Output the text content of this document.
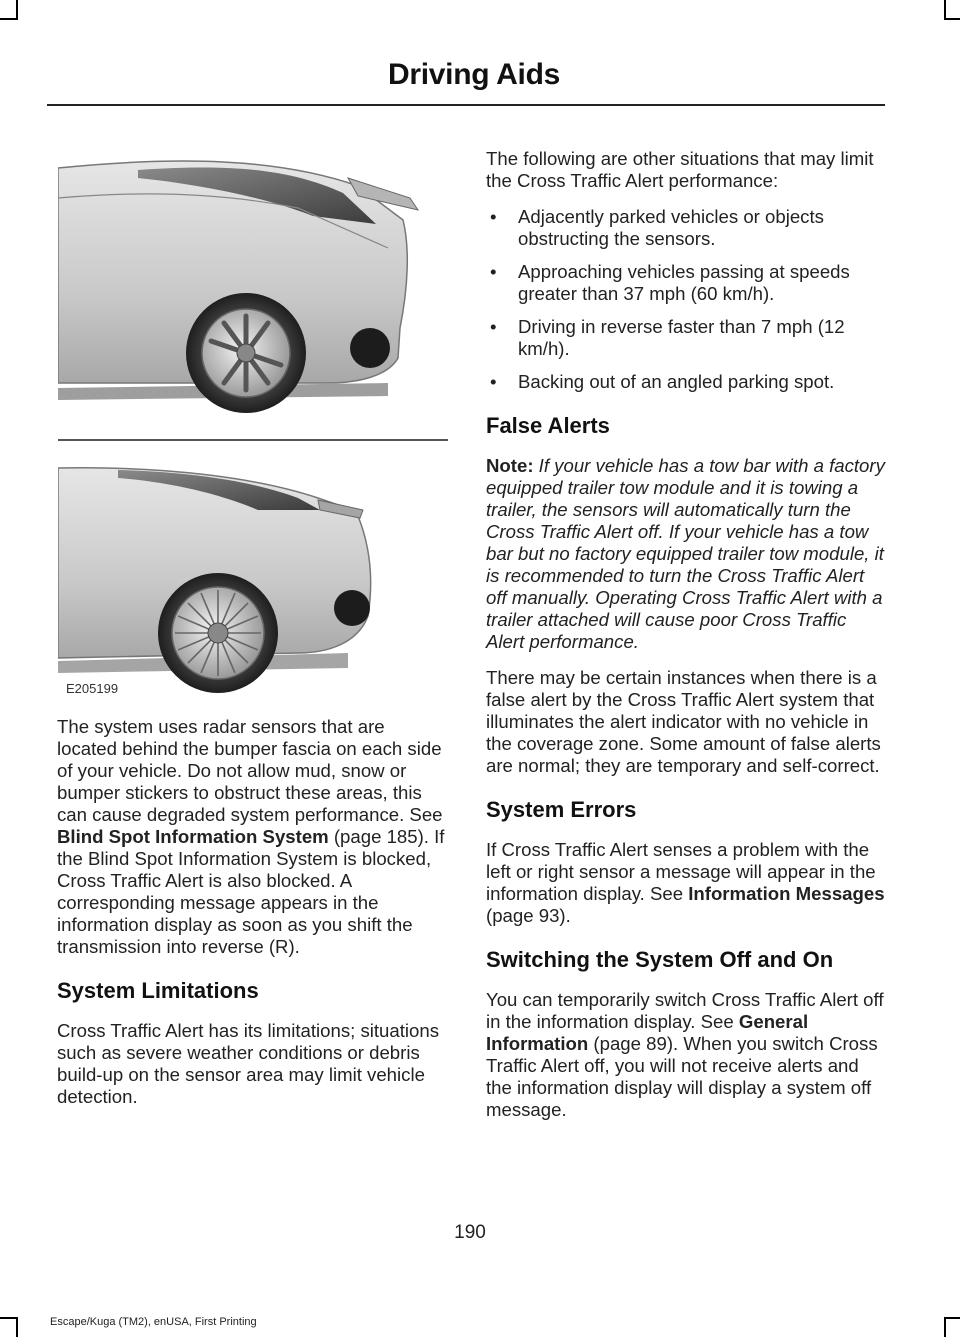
Driving Aids
E205199

The system uses radar sensors that are located behind the bumper fascia on each side of your vehicle. Do not allow mud, snow or bumper stickers to obstruct these areas, this can cause degraded system performance. See Blind Spot Information System (page 185). If the Blind Spot Information System is blocked, Cross Traffic Alert is also blocked. A corresponding message appears in the information display as soon as you shift the transmission into reverse (R).

System Limitations

Cross Traffic Alert has its limitations; situations such as severe weather conditions or debris build-up on the sensor area may limit vehicle detection.

The following are other situations that may limit the Cross Traffic Alert performance:

• Adjacently parked vehicles or objects obstructing the sensors.
• Approaching vehicles passing at speeds greater than 37 mph (60 km/h).
• Driving in reverse faster than 7 mph (12 km/h).
• Backing out of an angled parking spot.
False Alerts

Note: If your vehicle has a tow bar with a factory equipped trailer tow module and it is towing a trailer, the sensors will automatically turn the Cross Traffic Alert off. If your vehicle has a tow bar but no factory equipped trailer tow module, it is recommended to turn the Cross Traffic Alert off manually. Operating Cross Traffic Alert with a trailer attached will cause poor Cross Traffic Alert performance.

There may be certain instances when there is a false alert by the Cross Traffic Alert system that illuminates the alert indicator with no vehicle in the coverage zone. Some amount of false alerts are normal; they are temporary and self-correct.

System Errors

If Cross Traffic Alert senses a problem with the left or right sensor a message will appear in the information display. See Information Messages (page 93).

Switching the System Off and On

You can temporarily switch Cross Traffic Alert off in the information display. See General Information (page 89). When you switch Cross Traffic Alert off, you will not receive alerts and the information display will display a system off message.

190
Escape/Kuga (TM2), enUSA, First Printing
